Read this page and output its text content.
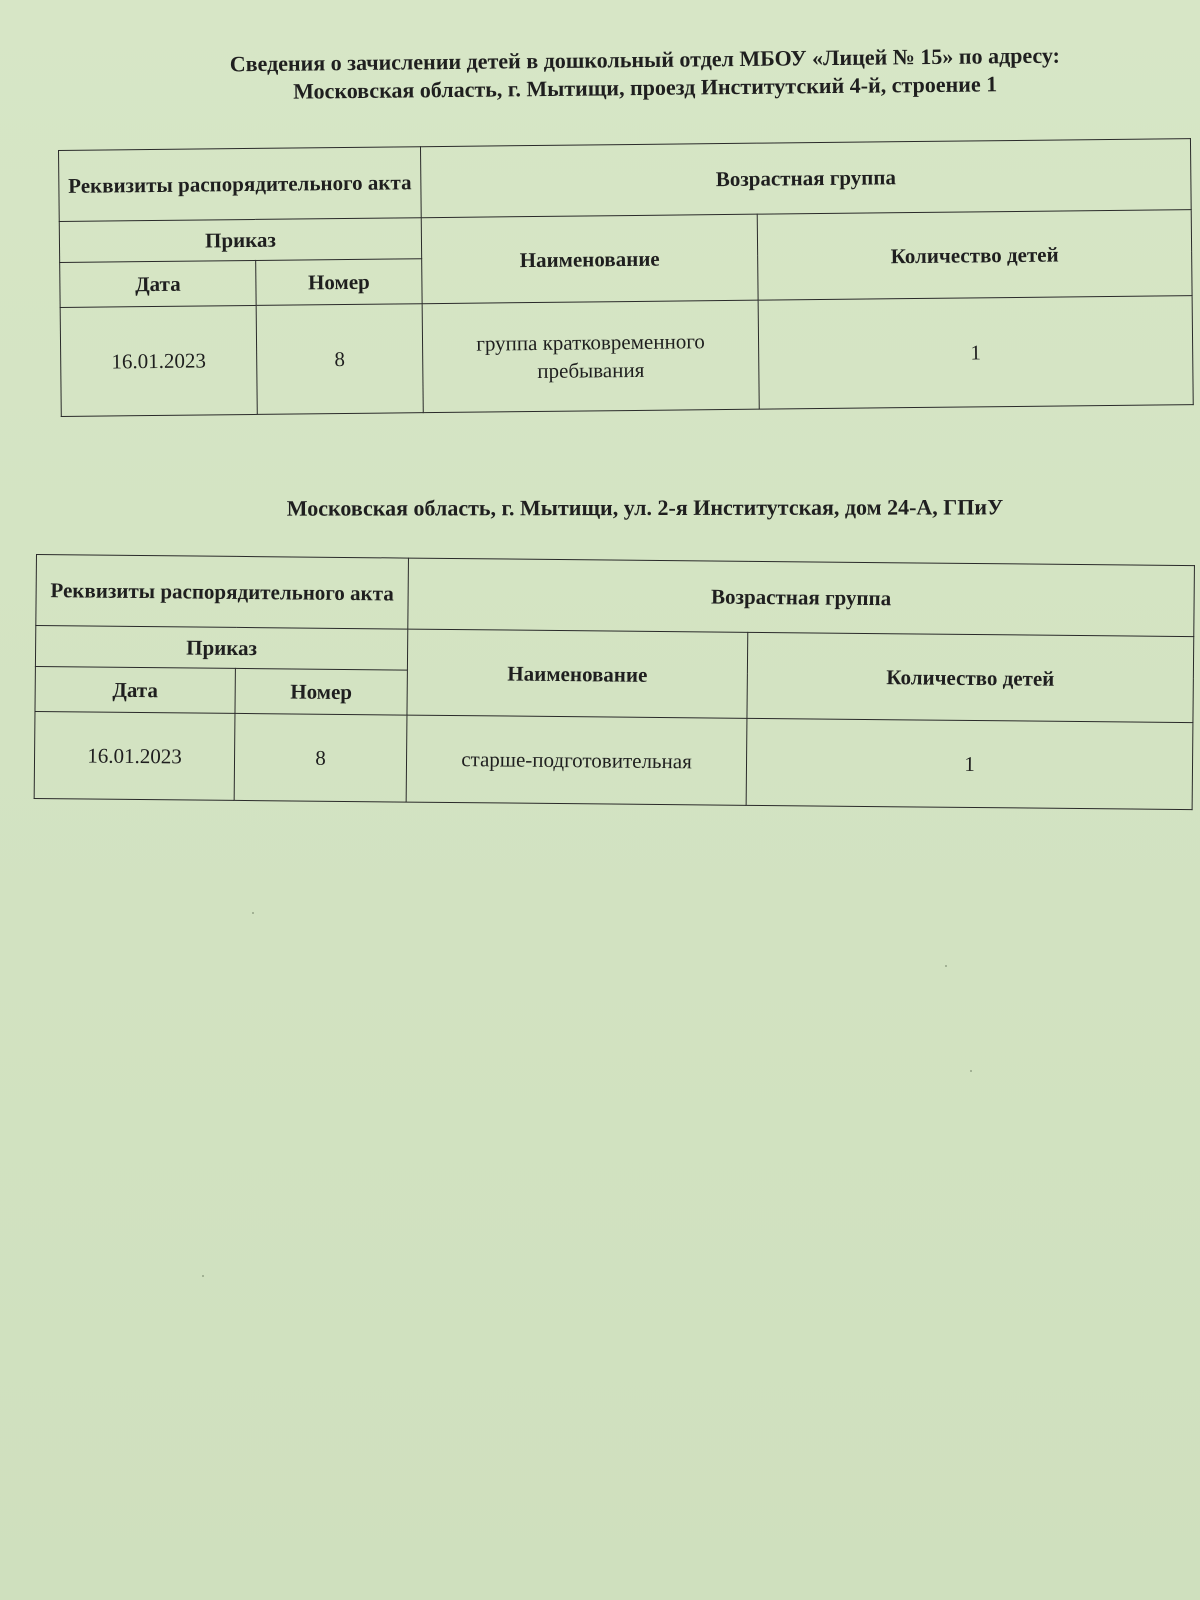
Сведения о зачислении детей в дошкольный отдел МБОУ «Лицей № 15» по адресу:
Московская область, г. Мытищи, проезд Институтский 4-й, строение 1
Реквизиты распорядительного акта		Возрастная группа	
Приказ		Наименование	Количество детей
Дата	Номер		
16.01.2023	8	группа кратковременного пребывания	1
Московская область, г. Мытищи, ул. 2-я Институтская, дом 24-А, ГПиУ
Реквизиты распорядительного акта		Возрастная группа	
Приказ		Наименование	Количество детей
Дата	Номер		
16.01.2023	8	старше-подготовительная	1
